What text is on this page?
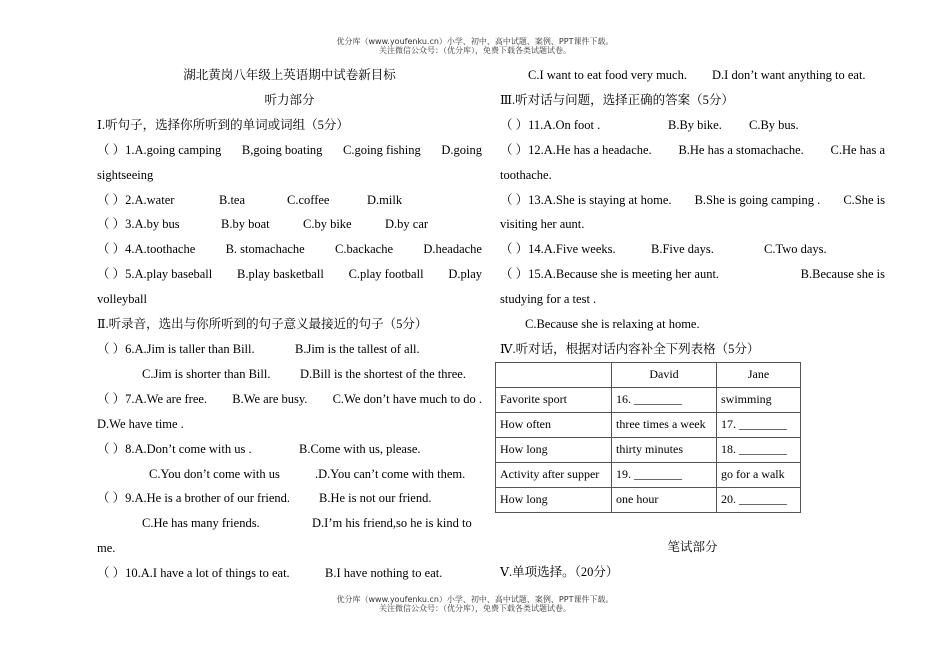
优分库（www.youfenku.cn）小学、初中、高中试题、案例、PPT课件下载。
关注微信公众号：（优分库），免费下载各类试题试卷。
湖北黄岗八年级上英语期中试卷新目标
听力部分
Ⅰ.听句子，选择你所听到的单词或词组（5分）
（ ）1.A.going camping B,going boating C.going fishing D.going
sightseeing
（ ）2.A.water	B.tea	C.coffee	D.milk

（ ）3.A.by bus	B.by boat	C.by bike	D.by car

（ ）4.A.toothache B. stomachache C.backache D.headache
（ ）5.A.play baseball B.play basketball C.play football D.play
volleyball
Ⅱ.听录音，选出与你所听到的句子意义最接近的句子（5分）
（ ）6.A.Jim is taller than Bill.	B.Jim is the tallest of all.

C.Jim is shorter than Bill. D.Bill is the shortest of the three.

（ ）7.A.We are free. B.We are busy. C.We don’t have much to do .
D.We have time .
（ ）8.A.Don’t come with us .	B.Come with us, please.

C.You don’t come with us	.D.You can’t come with them.

（ ）9.A.He is a brother of our friend. B.He is not our friend.

C.He has many friends.	D.I’m his friend,so he is kind to

me.
（ ）10.A.I have a lot of things to eat.	B.I have nothing to eat.

C.I want to eat food very much. D.I don’t want anything to eat.

Ⅲ.听对话与问题，选择正确的答案（5分）
（ ）11.A.On foot .	B.By bike. C.By bus.

（ ）12.A.He has a headache. B.He has a stomachache. C.He has a
toothache.
（ ）13.A.She is staying at home. B.She is going camping . C.She is
visiting her aunt.
（ ）14.A.Five weeks.	B.Five days.	C.Two days.

（ ）15.A.Because she is meeting her aunt.	B.Because she is
studying for a test .
C.Because she is relaxing at home.
Ⅳ.听对话，根据对话内容补全下列表格（5分）
	David	Jane
Favorite sport	16. ________	swimming
How often	three times a week	17. ________
How long	thirty minutes	18. ________
Activity after supper	19. ________	go for a walk
How long	one hour	20. ________
笔试部分
Ⅴ.单项选择。（20分）
优分库（www.youfenku.cn）小学、初中、高中试题、案例、PPT课件下载。
关注微信公众号：（优分库），免费下载各类试题试卷。
